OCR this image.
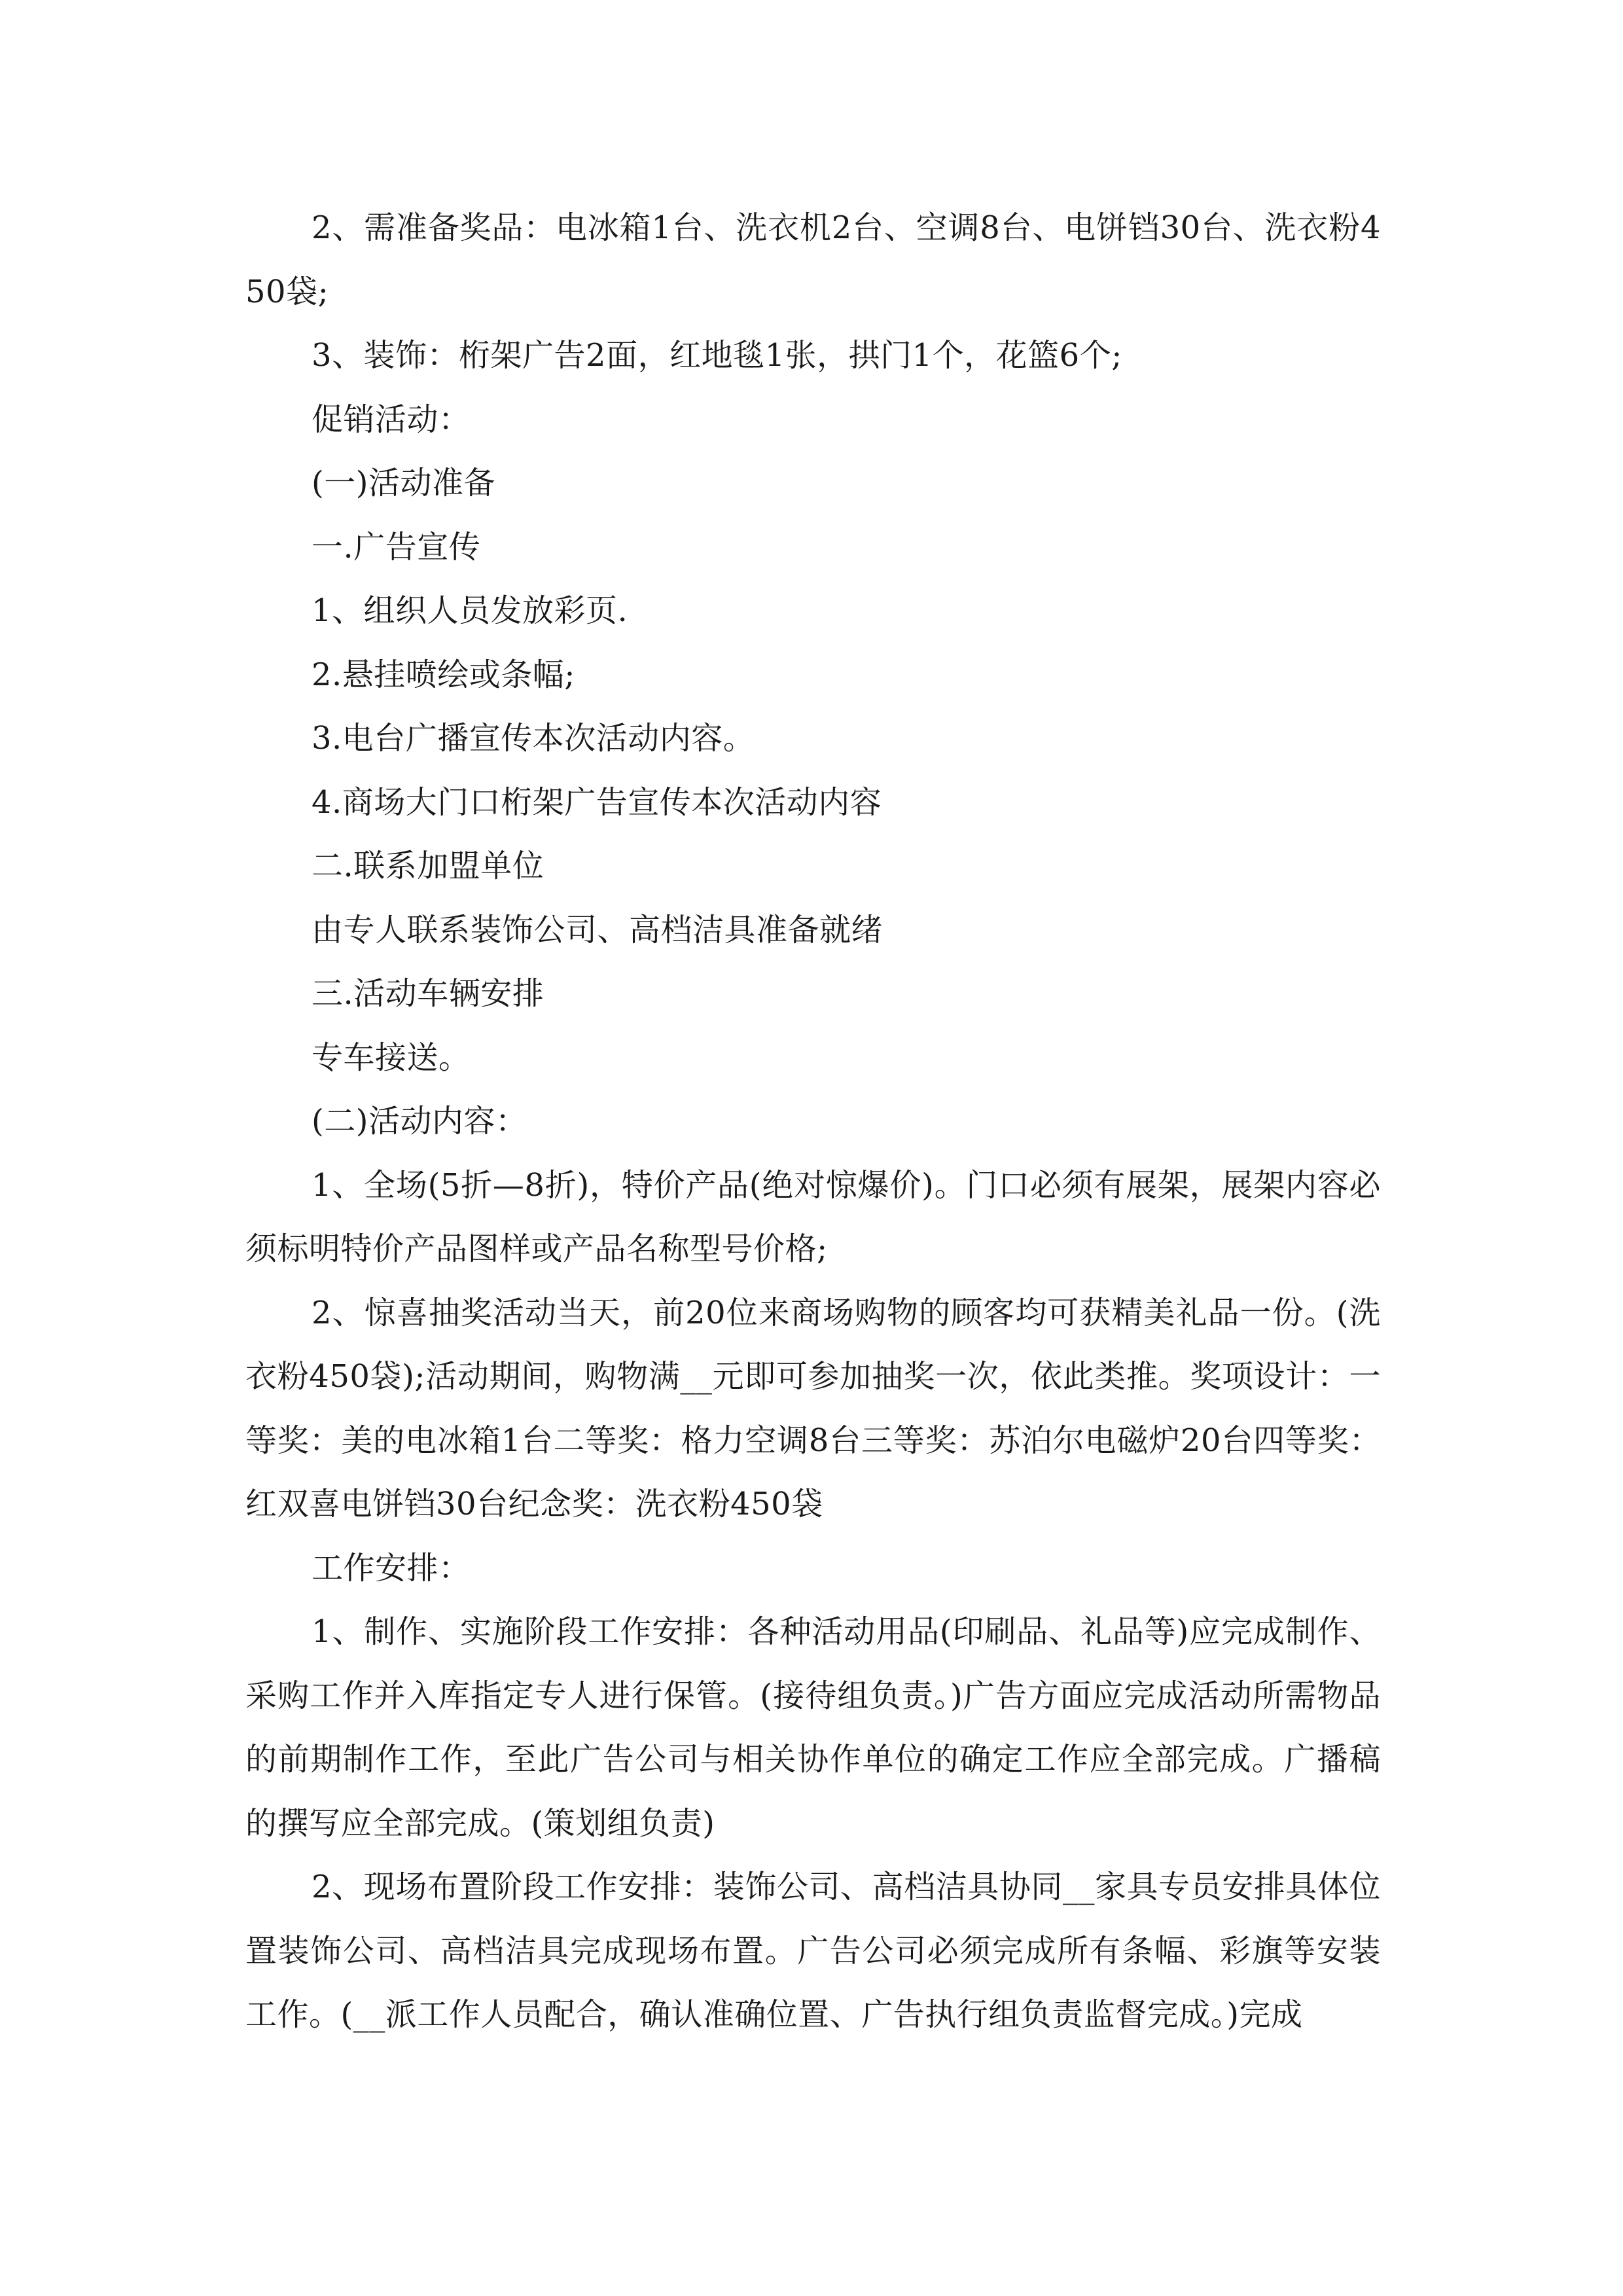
2、需准备奖品：电冰箱1台、洗衣机2台、空调8台、电饼铛30台、洗衣粉450袋;

3、装饰：桁架广告2面，红地毯1张，拱门1个，花篮6个;

促销活动：

(一)活动准备

一.广告宣传

1、组织人员发放彩页.

2.悬挂喷绘或条幅;

3.电台广播宣传本次活动内容。

4.商场大门口桁架广告宣传本次活动内容

二.联系加盟单位

由专人联系装饰公司、高档洁具准备就绪

三.活动车辆安排

专车接送。

(二)活动内容：

1、全场(5折—8折)，特价产品(绝对惊爆价)。门口必须有展架，展架内容必须标明特价产品图样或产品名称型号价格;

2、惊喜抽奖活动当天，前20位来商场购物的顾客均可获精美礼品一份。(洗衣粉450袋);活动期间，购物满__元即可参加抽奖一次，依此类推。奖项设计：一等奖：美的电冰箱1台二等奖：格力空调8台三等奖：苏泊尔电磁炉20台四等奖：红双喜电饼铛30台纪念奖：洗衣粉450袋

工作安排：

1、制作、实施阶段工作安排：各种活动用品(印刷品、礼品等)应完成制作、采购工作并入库指定专人进行保管。(接待组负责。)广告方面应完成活动所需物品的前期制作工作，至此广告公司与相关协作单位的确定工作应全部完成。广播稿的撰写应全部完成。(策划组负责)

2、现场布置阶段工作安排：装饰公司、高档洁具协同__家具专员安排具体位置装饰公司、高档洁具完成现场布置。广告公司必须完成所有条幅、彩旗等安装工作。(__派工作人员配合，确认准确位置、广告执行组负责监督完成。)完成
